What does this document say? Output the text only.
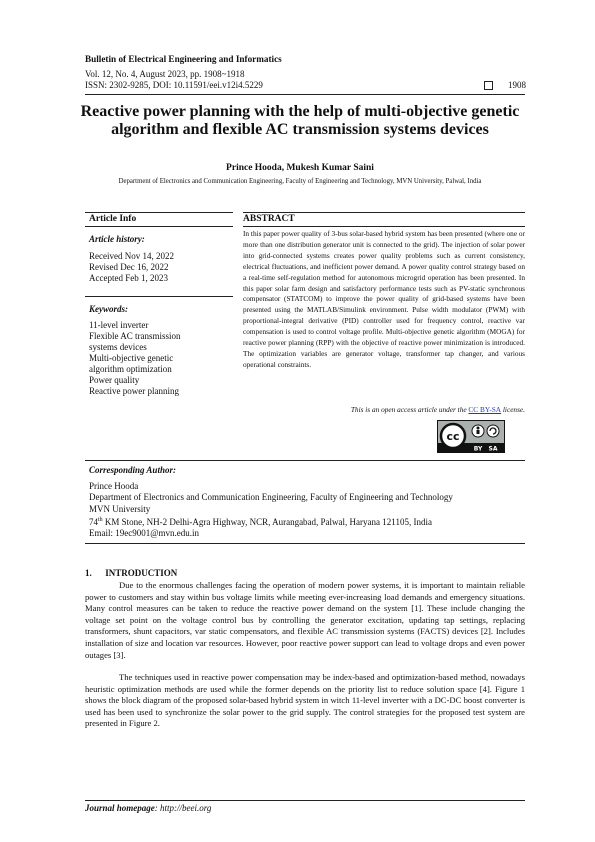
Bulletin of Electrical Engineering and Informatics
Vol. 12, No. 4, August 2023, pp. 1908~1918
ISSN: 2302-9285, DOI: 10.11591/eei.v12i4.5229	1908
Reactive power planning with the help of multi-objective genetic algorithm and flexible AC transmission systems devices
Prince Hooda, Mukesh Kumar Saini
Department of Electronics and Communication Engineering, Faculty of Engineering and Technology, MVN University, Palwal, India
Article Info	ABSTRACT
Article history:
Received Nov 14, 2022
Revised Dec 16, 2022
Accepted Feb 1, 2023
Keywords:
11-level inverter
Flexible AC transmission
systems devices
Multi-objective genetic
algorithm optimization
Power quality
Reactive power planning
In this paper power quality of 3-bus solar-based hybrid system has been presented (where one or more than one distribution generator unit is connected to the grid). The injection of solar power into grid-connected systems creates power quality problems such as current consistency, electrical fluctuations, and inefficient power demand. A power quality control strategy based on a real-time self-regulation method for autonomous microgrid operation has been presented. In this paper solar farm design and satisfactory performance tests such as PV-static synchronous compensator (STATCOM) to improve the power quality of grid-based systems have been presented using the MATLAB/Simulink environment. Pulse width modulator (PWM) with proportional-integral derivative (PID) controller used for frequency control, reactive var compensation is used to control voltage profile. Multi-objective genetic algorithm (MOGA) for reactive power planning (RPP) with the objective of reactive power minimization is introduced. The optimization variables are generator voltage, transformer tap changer, and various operational constraints.
This is an open access article under the CC BY-SA license.
cc
BY SA
Corresponding Author:
Prince Hooda
Department of Electronics and Communication Engineering, Faculty of Engineering and Technology
MVN University
74th KM Stone, NH-2 Delhi-Agra Highway, NCR, Aurangabad, Palwal, Haryana 121105, India
Email: 19ec9001@mvn.edu.in
1.      INTRODUCTION
Due to the enormous challenges facing the operation of modern power systems, it is important to maintain reliable power to customers and stay within bus voltage limits while meeting ever-increasing load demands and emergency situations. Many control measures can be taken to reduce the reactive power demand on the system [1]. These include changing the voltage set point on the voltage control bus by controlling the generator excitation, updating tap settings, replacing transformers, shunt capacitors, var static compensators, and flexible AC transmission systems (FACTS) devices [2]. Includes installation of size and location var resources. However, poor reactive power support can lead to voltage drops and even power outages [3].
The techniques used in reactive power compensation may be index-based and optimization-based method, nowadays heuristic optimization methods are used while the former depends on the priority list to reduce solution space [4]. Figure 1 shows the block diagram of the proposed solar-based hybrid system in witch 11-level inverter with a DC-DC boost converter is used has been used to synchronize the solar power to the grid supply. The control strategies for the proposed test system are presented in Figure 2.
Journal homepage: http://beei.org
